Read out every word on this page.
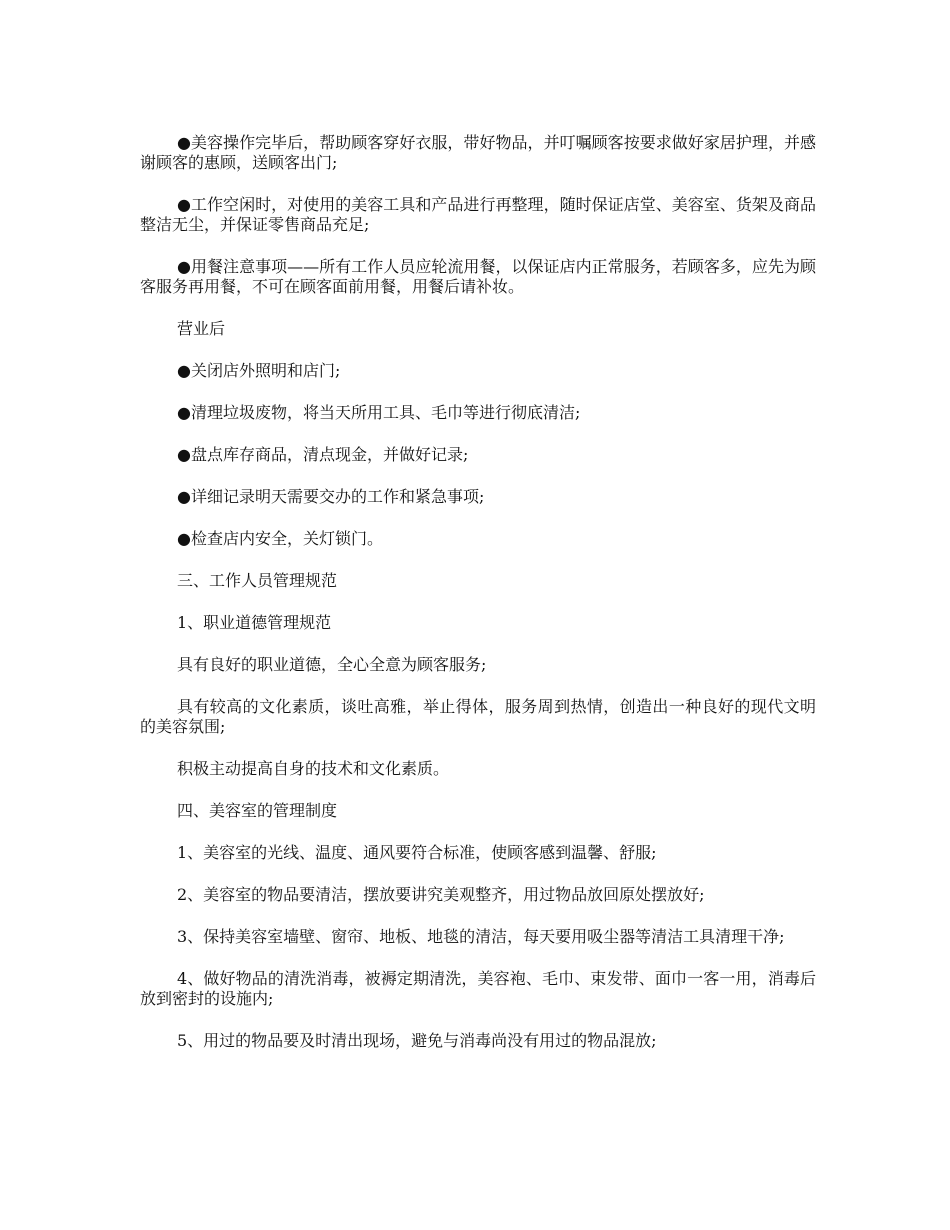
●美容操作完毕后，帮助顾客穿好衣服，带好物品，并叮嘱顾客按要求做好家居护理，并感谢顾客的惠顾，送顾客出门;

●工作空闲时，对使用的美容工具和产品进行再整理，随时保证店堂、美容室、货架及商品整洁无尘，并保证零售商品充足;

●用餐注意事项——所有工作人员应轮流用餐，以保证店内正常服务，若顾客多，应先为顾客服务再用餐，不可在顾客面前用餐，用餐后请补妆。

营业后

●关闭店外照明和店门;

●清理垃圾废物，将当天所用工具、毛巾等进行彻底清洁;

●盘点库存商品，清点现金，并做好记录;

●详细记录明天需要交办的工作和紧急事项;

●检查店内安全，关灯锁门。

三、工作人员管理规范

1、职业道德管理规范

具有良好的职业道德，全心全意为顾客服务;

具有较高的文化素质，谈吐高雅，举止得体，服务周到热情，创造出一种良好的现代文明的美容氛围;

积极主动提高自身的技术和文化素质。

四、美容室的管理制度

1、美容室的光线、温度、通风要符合标准，使顾客感到温馨、舒服;

2、美容室的物品要清洁，摆放要讲究美观整齐，用过物品放回原处摆放好;

3、保持美容室墙壁、窗帘、地板、地毯的清洁，每天要用吸尘器等清洁工具清理干净;

4、做好物品的清洗消毒，被褥定期清洗，美容袍、毛巾、束发带、面巾一客一用，消毒后放到密封的设施内;

5、用过的物品要及时清出现场，避免与消毒尚没有用过的物品混放;
